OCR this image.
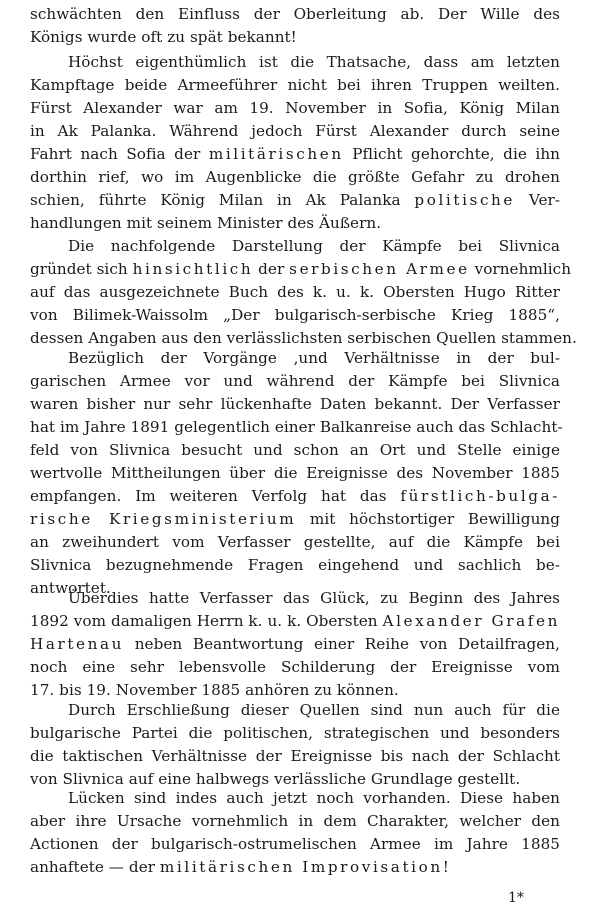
schwächten den Einfluss der Oberleitung ab. Der Wille des
Königs wurde oft zu spät bekannt!
Höchst eigenthümlich ist die Thatsache, dass am letzten
Kampftage beide Armeeführer nicht bei ihren Truppen weilten.
Fürst Alexander war am 19. November in Sofia, König Milan
in Ak Palanka. Während jedoch Fürst Alexander durch seine
Fahrt nach Sofia der militärischen Pflicht gehorchte, die ihn
dorthin rief, wo im Augenblicke die größte Gefahr zu drohen
schien, führte König Milan in Ak Palanka politische Ver-
handlungen mit seinem Minister des Äußern.
Die nachfolgende Darstellung der Kämpfe bei Slivnica
gründet sich hinsichtlich der serbischen Armee vornehmlich
auf das ausgezeichnete Buch des k. u. k. Obersten Hugo Ritter
von Bilimek-Waissolm „Der bulgarisch-serbische Krieg 1885“,
dessen Angaben aus den verlässlichsten serbischen Quellen stammen.
Bezüglich der Vorgänge ‚und Verhältnisse in der bul-
garischen Armee vor und während der Kämpfe bei Slivnica
waren bisher nur sehr lückenhafte Daten bekannt. Der Verfasser
hat im Jahre 1891 gelegentlich einer Balkanreise auch das Schlacht-
feld von Slivnica besucht und schon an Ort und Stelle einige
wertvolle Mittheilungen über die Ereignisse des November 1885
empfangen. Im weiteren Verfolg hat das fürstlich-bulga-
rische Kriegsministerium mit höchstortiger Bewilligung
an zweihundert vom Verfasser gestellte, auf die Kämpfe bei
Slivnica bezugnehmende Fragen eingehend und sachlich be-
antwortet.
Überdies hatte Verfasser das Glück, zu Beginn des Jahres
1892 vom damaligen Herrn k. u. k. Obersten Alexander Grafen
Hartenau neben Beantwortung einer Reihe von Detailfragen,
noch eine sehr lebensvolle Schilderung der Ereignisse vom
17. bis 19. November 1885 anhören zu können.
Durch Erschließung dieser Quellen sind nun auch für die
bulgarische Partei die politischen, strategischen und besonders
die taktischen Verhältnisse der Ereignisse bis nach der Schlacht
von Slivnica auf eine halbwegs verlässliche Grundlage gestellt.
Lücken sind indes auch jetzt noch vorhanden. Diese haben
aber ihre Ursache vornehmlich in dem Charakter, welcher den
Actionen der bulgarisch-ostrumelischen Armee im Jahre 1885
anhaftete — der militärischen Improvisation!
1*
